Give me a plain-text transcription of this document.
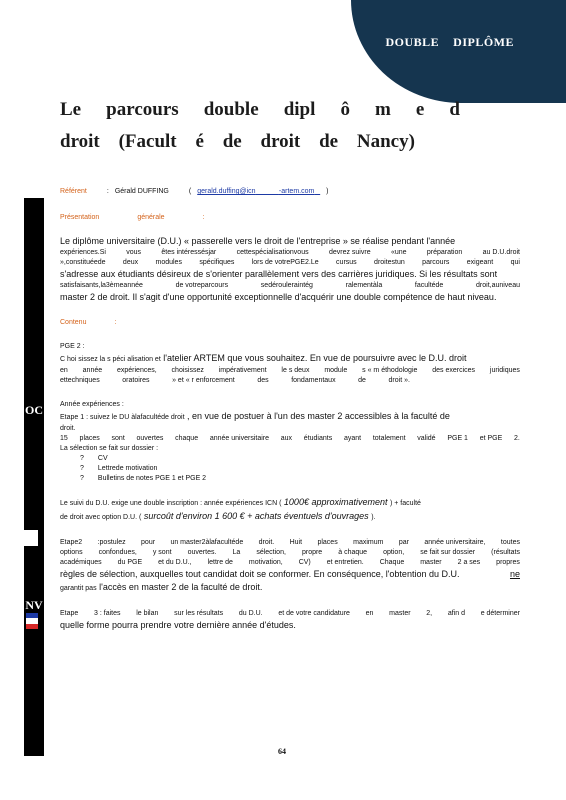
DOUBLE DIPLÔME
Le parcours double dipl ô m e d
droit (Facult é de droit de Nancy)
OC
NV
Référent	: Gérald DUFFING	( gerald.duffing@icn	-artem.com	)
Présentation	générale	:
Le diplôme universitaire (D.U.) « passerelle vers le droit de l'entreprise » se réalise pendant l'année
expériences.Si	vous	êtes intéressésjar	cettespécialisationvous	devrez suivre	«une	préparation	au D.U.droit
»,constituéede deux modules spécifiques lors de votrePGE2.Le cursus droitestun parcours exigeant qui
s'adresse aux étudiants désireux de s'orienter parallèlement vers des carrières juridiques. Si les résultats sont
satisfaisants,la3èmeannée	de votreparcours	sedérouleraintég	ralementàla	facultéde	droit,auniveau
master 2 de droit. Il s'agit d'une opportunité exceptionnelle d'acquérir une double compétence de haut niveau.
Contenu	:
PGE 2 :
C hoi sissez la s péci alisation et l'atelier ARTEM que vous souhaitez. En vue de poursuivre avec le D.U. droit
en année expériences, choisissez impérativement le s deux module s « m éthodologie des exercices juridiques
ettechniques	oratoires	» et « r enforcement	des	fondamentaux	de	droit ».
Année expériences :
Etape 1 : suivez le DU àlafacultéde droit , en vue de postuer à l'un des master 2 accessibles à la faculté de
droit.
15 places sont ouvertes chaque année universitaire aux étudiants ayant totalement validé PGE 1 et PGE 2.
La sélection se fait sur dossier :
? CV
? Lettrede motivation
? Bulletins de notes PGE 1 et PGE 2
Le suivi du D.U. exige une double inscription : année expériences ICN ( 1000€ approximativement ) + faculté
de droit avec option D.U. ( surcoût d'environ 1 600 € + achats éventuels d'ouvrages ).
Etape2 :postulez pour un master2àlafacultéde droit. Huit places maximum par année universitaire, toutes
options confondues, y sont ouvertes. La sélection, propre à chaque option, se fait sur dossier (résultats
académiques du PGE et du D.U., lettre de motivation, CV) et entretien. Chaque master 2 a ses propres
règles de sélection, auxquelles tout candidat doit se conformer. En conséquence, l'obtention du D.U.	ne
garantit pas l'accès en master 2 de la faculté de droit.
Etape 3 : faites le bilan sur les résultats du D.U. et de votre candidature en master 2, afin d e déterminer
quelle forme pourra prendre votre dernière année d'études.
64
